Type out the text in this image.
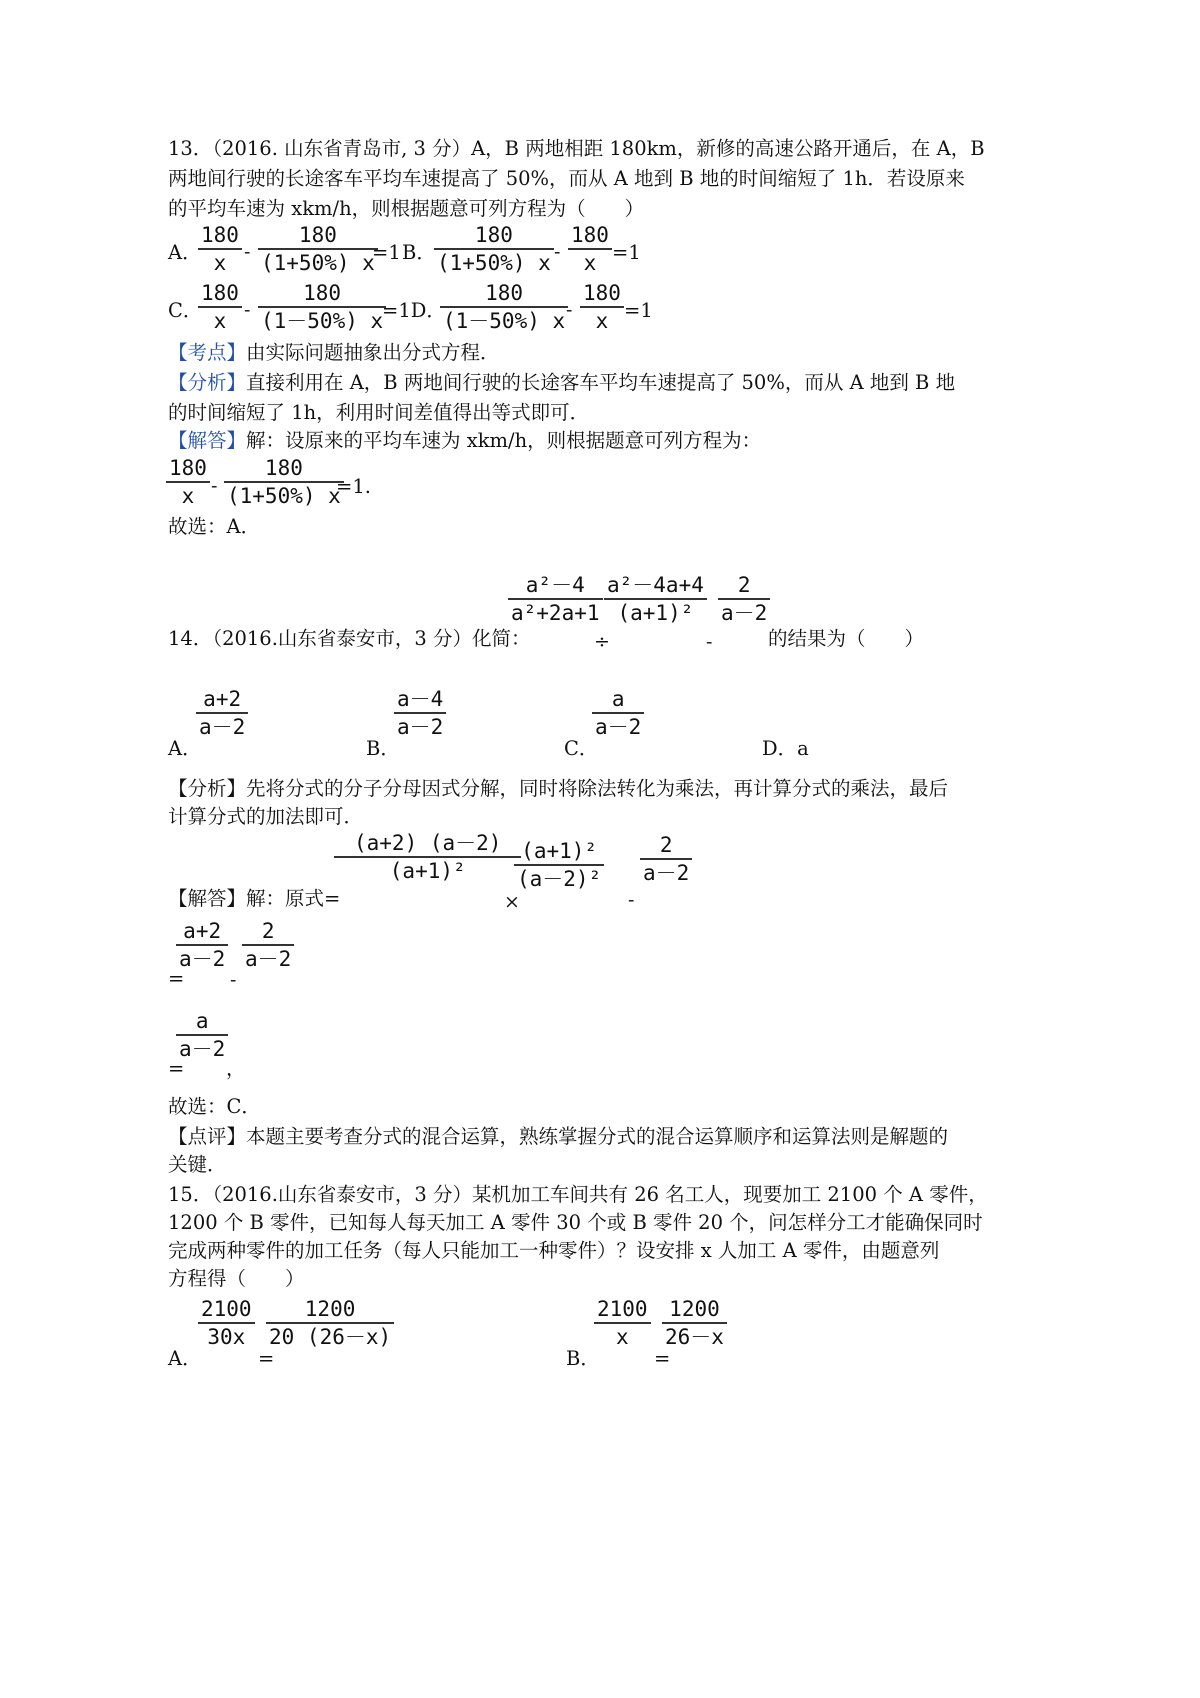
13．（2016. 山东省青岛市, 3 分）A，B 两地相距 180km，新修的高速公路开通后，在 A，B
两地间行驶的长途客车平均车速提高了 50%，而从 A 地到 B 地的时间缩短了 1h．若设原来
的平均车速为 xkm/h，则根据题意可列方程为（　　）
A．
180
x -
180
(1+50%) x
=1 B．
180
(1+50%) x -
180
x =1
C．
180
x -
180
(1－50%) x
=1D．
180
(1－50%) x -
180
x =1
【考点】由实际问题抽象出分式方程．
【分析】直接利用在 A，B 两地间行驶的长途客车平均车速提高了 50%，而从 A 地到 B 地
的时间缩短了 1h，利用时间差值得出等式即可．
【解答】解：设原来的平均车速为 xkm/h，则根据题意可列方程为：
180
x -
180
(1+50%) x
=1.
故选：A．
a²－4
a²+2a+1
÷
a²－4a+4
(a+1)²
-
2
a－2
14．（2016.山东省泰安市，3 分）化简：	的结果为（　　）
a+2
a－2
a－4
a－2
a
a－2
A．	B．	C．	D．a
【分析】先将分式的分子分母因式分解，同时将除法转化为乘法，再计算分式的乘法，最后
计算分式的加法即可．
(a+2) (a－2)
(a+1)²
×
(a+1)²
(a－2)²
-
2
a－2
【解答】解：原式=
a+2
a－2
-
2
a－2
=
a
a－2
= ，
故选：C．
【点评】本题主要考查分式的混合运算，熟练掌握分式的混合运算顺序和运算法则是解题的
关键．
15．（2016.山东省泰安市，3 分）某机加工车间共有 26 名工人，现要加工 2100 个 A 零件，
1200 个 B 零件，已知每人每天加工 A 零件 30 个或 B 零件 20 个，问怎样分工才能确保同时
完成两种零件的加工任务（每人只能加工一种零件）？设安排 x 人加工 A 零件，由题意列
方程得（　　）
2100
30x
1200
20 (26－x)
A．	=
2100
x
1200
26－x
B．	=
